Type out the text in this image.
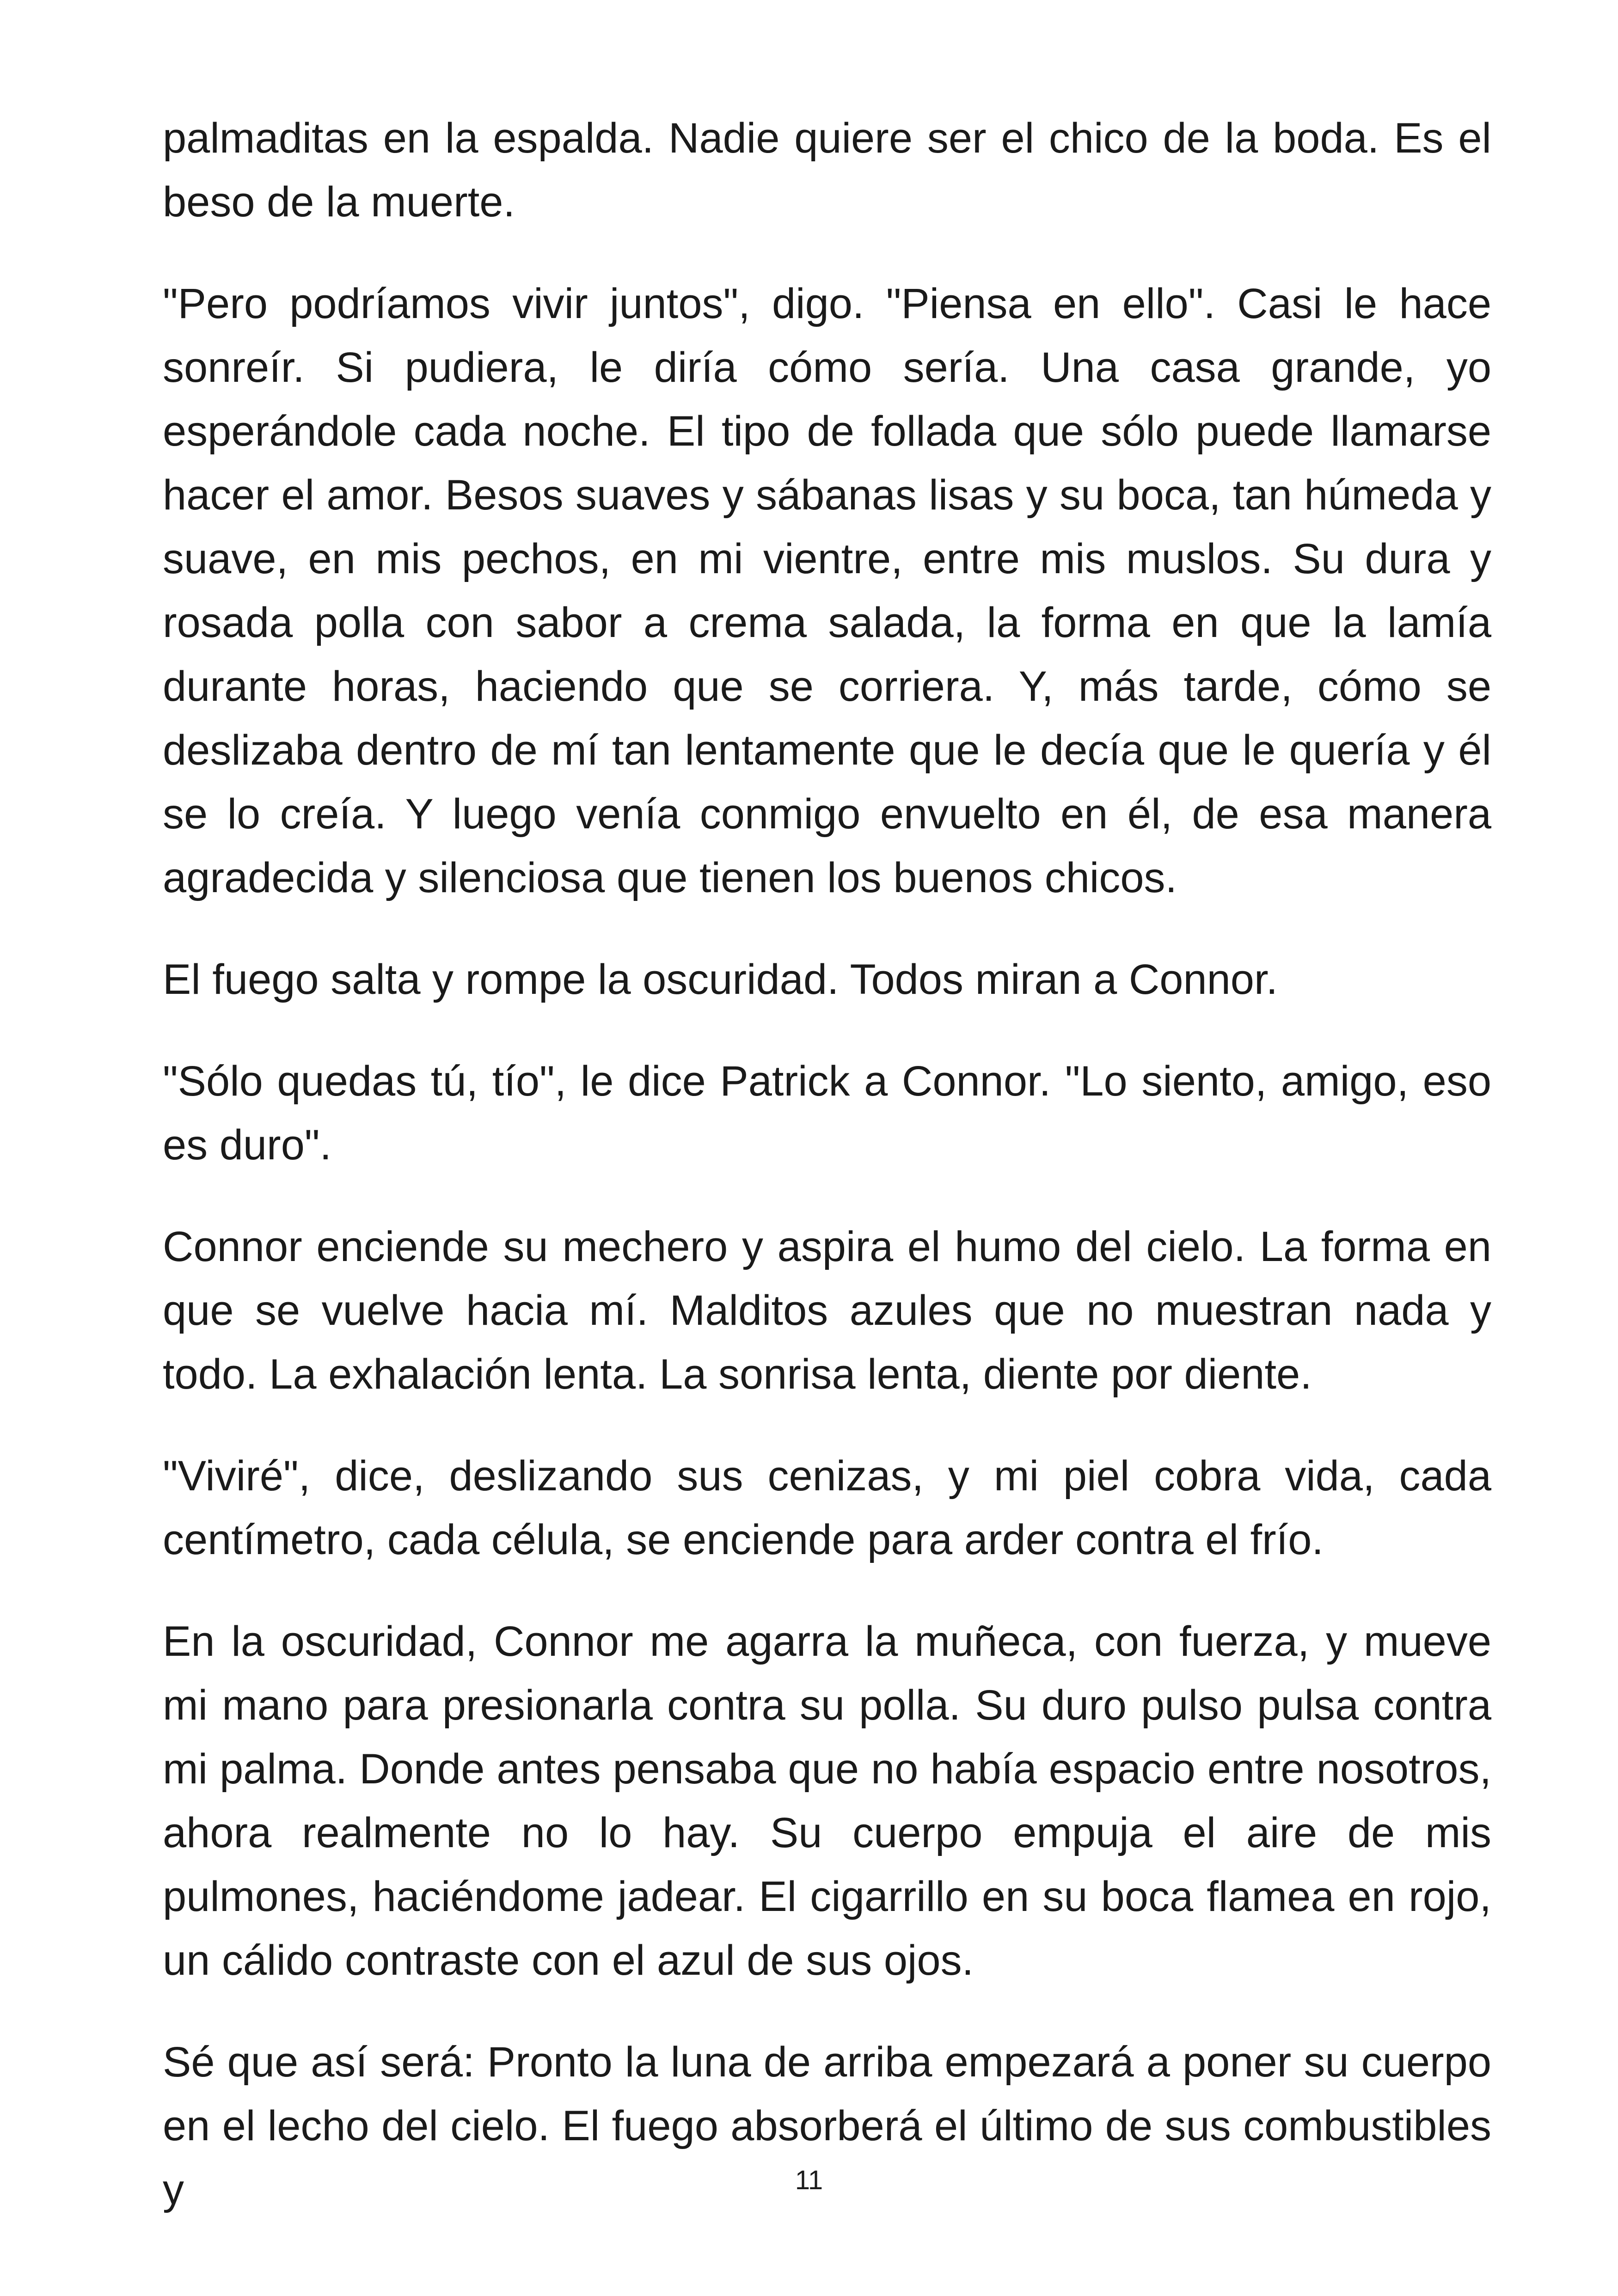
palmaditas en la espalda. Nadie quiere ser el chico de la boda. Es el beso de la muerte.

"Pero podríamos vivir juntos", digo. "Piensa en ello". Casi le hace sonreír. Si pudiera, le diría cómo sería. Una casa grande, yo esperándole cada noche. El tipo de follada que sólo puede llamarse hacer el amor. Besos suaves y sábanas lisas y su boca, tan húmeda y suave, en mis pechos, en mi vientre, entre mis muslos. Su dura y rosada polla con sabor a crema salada, la forma en que la lamía durante horas, haciendo que se corriera. Y, más tarde, cómo se deslizaba dentro de mí tan lentamente que le decía que le quería y él se lo creía. Y luego venía conmigo envuelto en él, de esa manera agradecida y silenciosa que tienen los buenos chicos.

El fuego salta y rompe la oscuridad. Todos miran a Connor.

"Sólo quedas tú, tío", le dice Patrick a Connor. "Lo siento, amigo, eso es duro".

Connor enciende su mechero y aspira el humo del cielo. La forma en que se vuelve hacia mí. Malditos azules que no muestran nada y todo. La exhalación lenta. La sonrisa lenta, diente por diente.

"Viviré", dice, deslizando sus cenizas, y mi piel cobra vida, cada centímetro, cada célula, se enciende para arder contra el frío.

En la oscuridad, Connor me agarra la muñeca, con fuerza, y mueve mi mano para presionarla contra su polla. Su duro pulso pulsa contra mi palma. Donde antes pensaba que no había espacio entre nosotros, ahora realmente no lo hay. Su cuerpo empuja el aire de mis pulmones, haciéndome jadear. El cigarrillo en su boca flamea en rojo, un cálido contraste con el azul de sus ojos.

Sé que así será: Pronto la luna de arriba empezará a poner su cuerpo en el lecho del cielo. El fuego absorberá el último de sus combustibles y	11
